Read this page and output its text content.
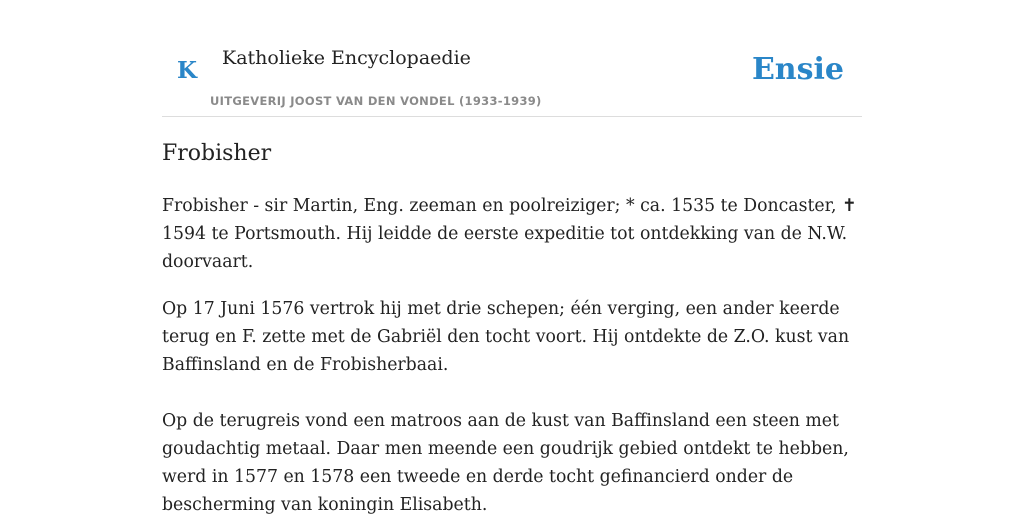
K Katholieke Encyclopaedie
UITGEVERIJ JOOST VAN DEN VONDEL (1933-1939)
Ensie
Frobisher

Frobisher - sir Martin, Eng. zeeman en poolreiziger; * ca. 1535 te Doncaster, ✝ 1594 te Portsmouth. Hij leidde de eerste expeditie tot ontdekking van de N.W. doorvaart.

Op 17 Juni 1576 vertrok hij met drie schepen; één verging, een ander keerde terug en F. zette met de Gabriël den tocht voort. Hij ontdekte de Z.O. kust van Baffinsland en de Frobisherbaai.

Op de terugreis vond een matroos aan de kust van Baffinsland een steen met goudachtig metaal. Daar men meende een goudrijk gebied ontdekt te hebben, werd in 1577 en 1578 een tweede en derde tocht gefinancierd onder de bescherming van koningin Elisabeth.
